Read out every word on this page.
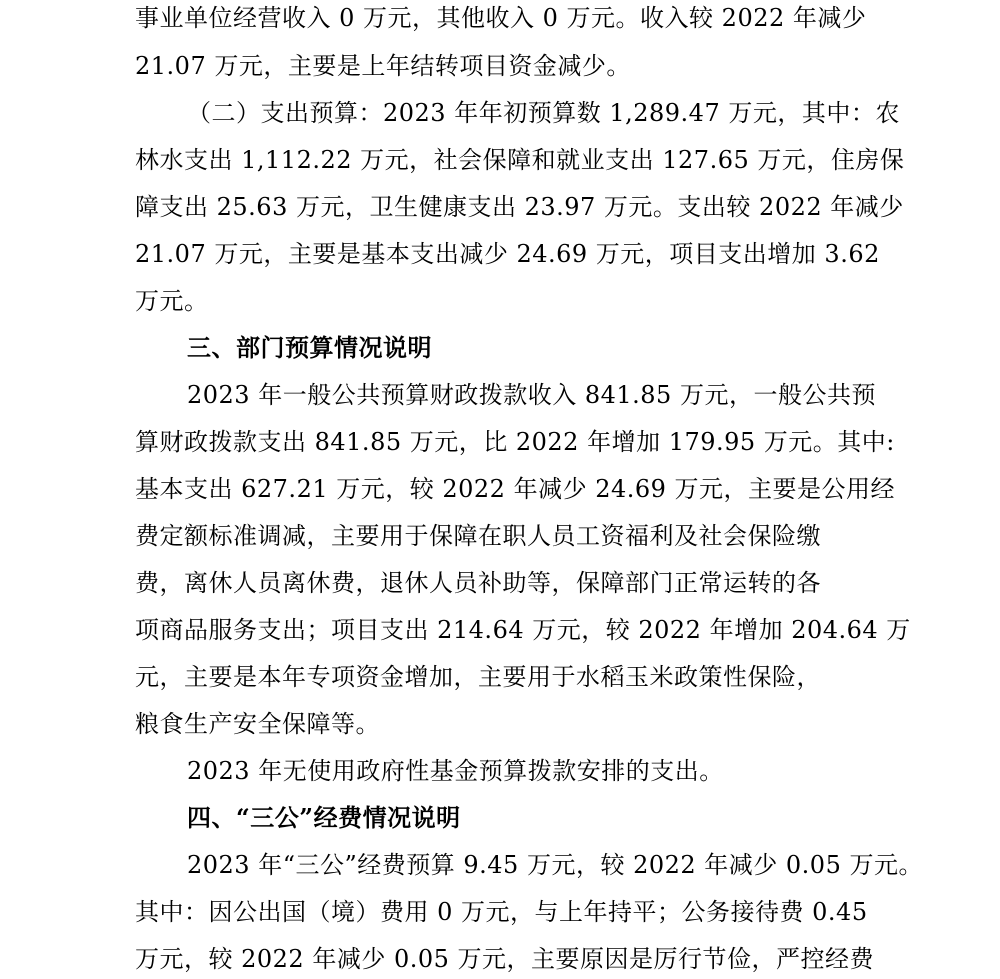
事业单位经营收入 0 万元，其他收入 0 万元。收入较 2022 年减少
21.07 万元，主要是上年结转项目资金减少。
（二）支出预算：2023 年年初预算数 1,289.47 万元，其中：农
林水支出 1,112.22 万元，社会保障和就业支出 127.65 万元，住房保
障支出 25.63 万元，卫生健康支出 23.97 万元。支出较 2022 年减少
21.07 万元，主要是基本支出减少 24.69 万元，项目支出增加 3.62
万元。
三、部门预算情况说明
2023 年一般公共预算财政拨款收入 841.85 万元，一般公共预
算财政拨款支出 841.85 万元，比 2022 年增加 179.95 万元。其中:
基本支出 627.21 万元，较 2022 年减少 24.69 万元，主要是公用经
费定额标准调减，主要用于保障在职人员工资福利及社会保险缴
费，离休人员离休费，退休人员补助等，保障部门正常运转的各
项商品服务支出；项目支出 214.64 万元，较 2022 年增加 204.64 万
元，主要是本年专项资金增加，主要用于水稻玉米政策性保险，
粮食生产安全保障等。
2023 年无使用政府性基金预算拨款安排的支出。
四、“三公”经费情况说明
2023 年“三公”经费预算 9.45 万元，较 2022 年减少 0.05 万元。
其中：因公出国（境）费用 0 万元，与上年持平；公务接待费 0.45
万元，较 2022 年减少 0.05 万元，主要原因是厉行节俭，严控经费
